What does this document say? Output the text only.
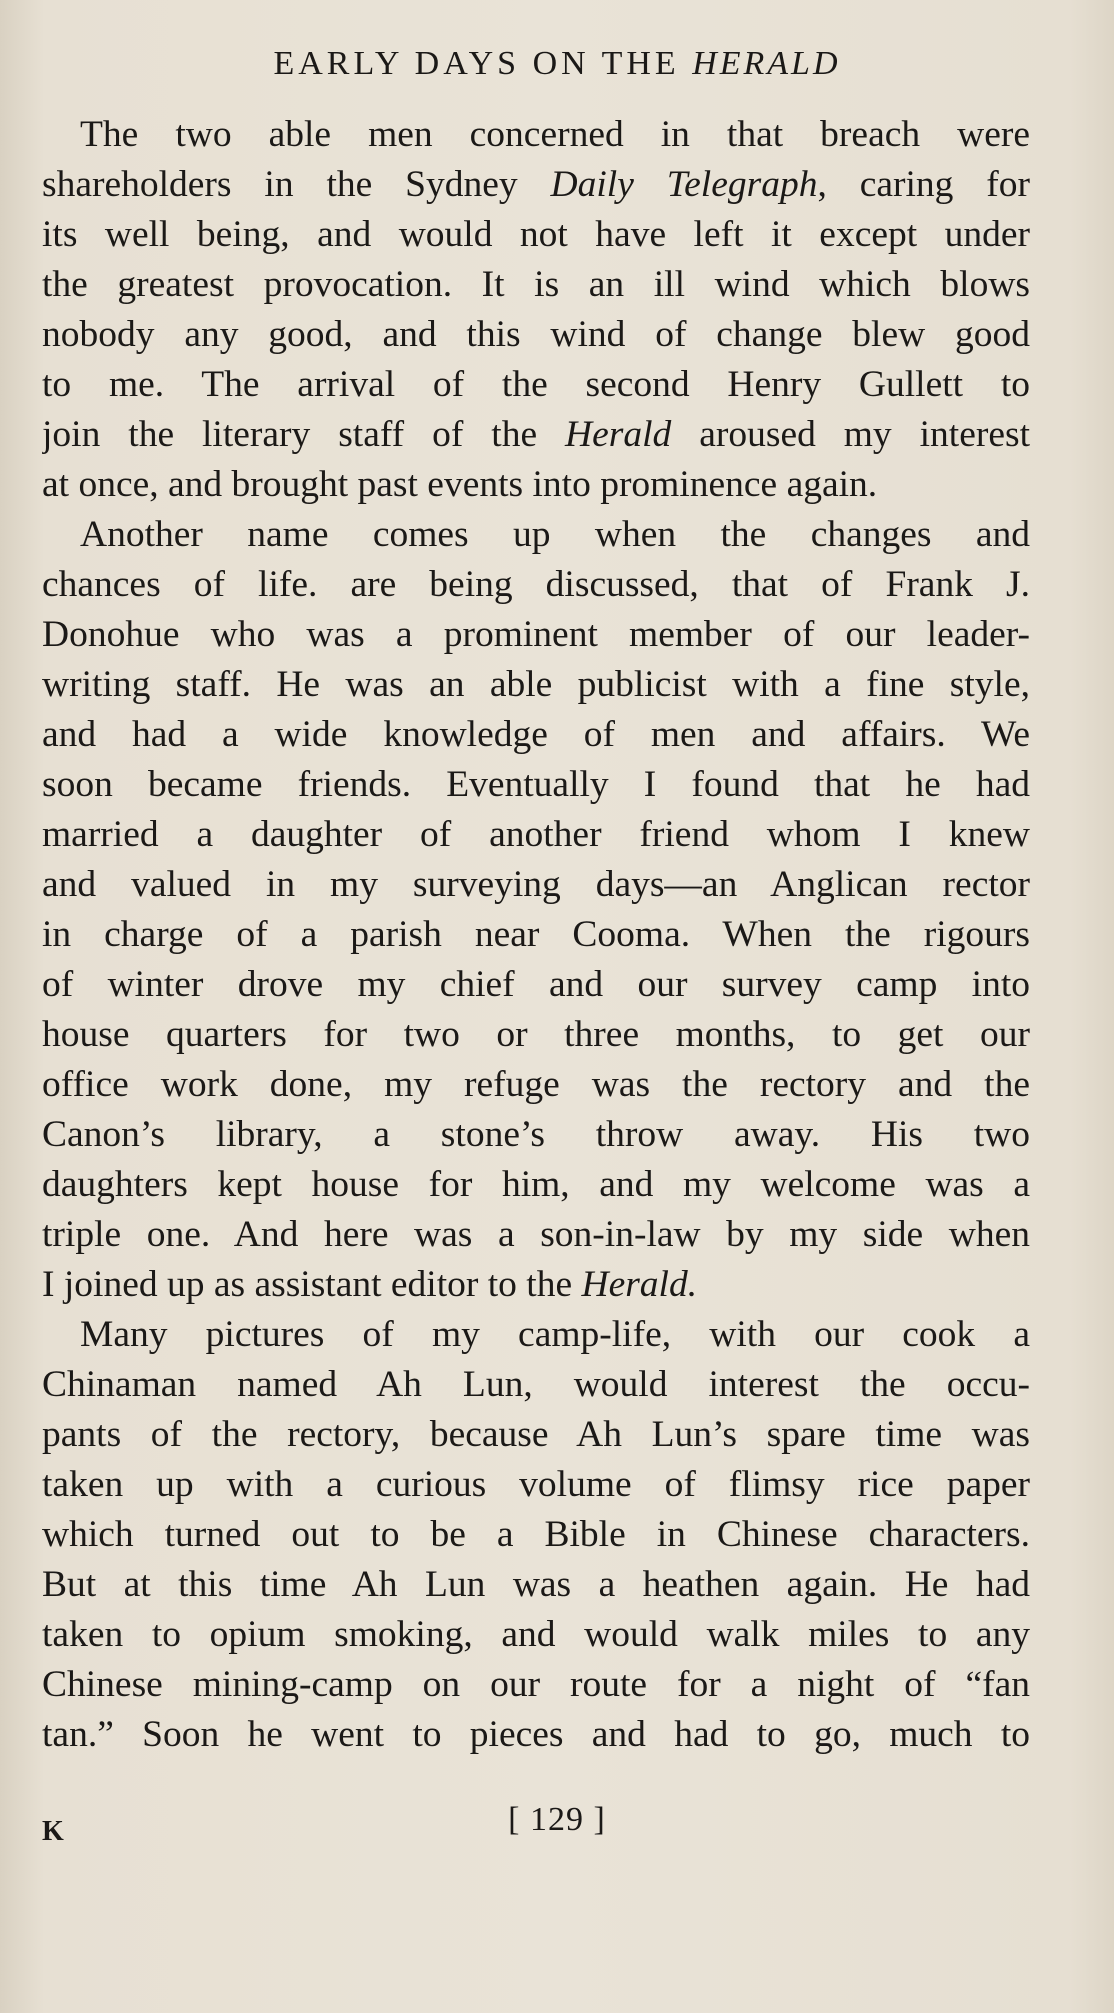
EARLY DAYS ON THE HERALD
The two able men concerned in that breach were
shareholders in the Sydney Daily Telegraph, caring for
its well being, and would not have left it except under
the greatest provocation. It is an ill wind which blows
nobody any good, and this wind of change blew good
to me. The arrival of the second Henry Gullett to
join the literary staff of the Herald aroused my interest
at once, and brought past events into prominence again.
Another name comes up when the changes and
chances of life. are being discussed, that of Frank J.
Donohue who was a prominent member of our leader-
writing staff. He was an able publicist with a fine style,
and had a wide knowledge of men and affairs. We
soon became friends. Eventually I found that he had
married a daughter of another friend whom I knew
and valued in my surveying days—an Anglican rector
in charge of a parish near Cooma. When the rigours
of winter drove my chief and our survey camp into
house quarters for two or three months, to get our
office work done, my refuge was the rectory and the
Canon’s library, a stone’s throw away. His two
daughters kept house for him, and my welcome was a
triple one. And here was a son-in-law by my side when
I joined up as assistant editor to the Herald.
Many pictures of my camp-life, with our cook a
Chinaman named Ah Lun, would interest the occu-
pants of the rectory, because Ah Lun’s spare time was
taken up with a curious volume of flimsy rice paper
which turned out to be a Bible in Chinese characters.
But at this time Ah Lun was a heathen again. He had
taken to opium smoking, and would walk miles to any
Chinese mining-camp on our route for a night of “fan
tan.” Soon he went to pieces and had to go, much to
[ 129 ]
K
